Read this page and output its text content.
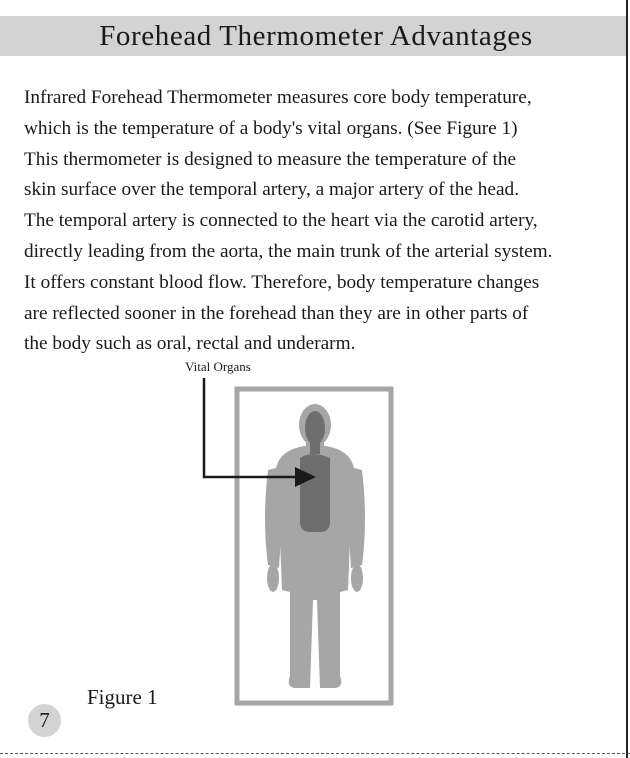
Forehead Thermometer Advantages
Infrared Forehead Thermometer measures core body temperature,
which is the temperature of a body's vital organs. (See Figure 1)
This thermometer is designed to measure the temperature of the
skin surface over the temporal artery, a major artery of the head.
The temporal artery is connected to the heart via the carotid artery,
directly leading from the aorta, the main trunk of the arterial system.
It offers constant blood flow. Therefore, body temperature changes
are reflected sooner in the forehead than they are in other parts of
the body such as oral, rectal and underarm.
Vital Organs
Figure 1
7
